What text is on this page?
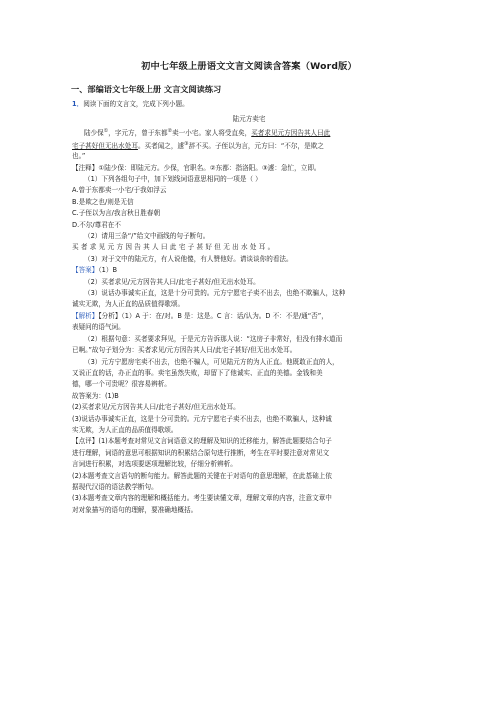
初中七年级上册语文文言文阅读含答案（Word版）
一、部编语文七年级上册 文言文阅读练习
1．阅读下面的文言文，完成下列小题。
陆元方卖宅

陆少保①，字元方，曾于东都②卖一小宅。家人将受直矣，买者求见元方因告其人曰此
宅子甚好但无出水处耳。买者闻之，遽③辞不买。子侄以为言，元方曰：“不尔，是欺之
也。”

【注释】①陆少保：即陆元方。少保，官职名。②东都：指洛阳。③遽：急忙，立即。

（1）下列各组句子中，加下划线词语意思相同的一项是（ ）

A.曾于东都卖一小宅/于我如浮云

B.是欺之也/则是无信

C.子侄以为言/我言秋日胜春朝

D.不尔/尊君在不

（2）请用三条“/”给文中画线的句子断句。

买者求见元方因告其人曰此宅子甚好但无出水处耳。

（3）对于文中的陆元方，有人说他傻，有人赞他好。请谈谈你的看法。

【答案】（1）B

（2）买者求见/元方因告其人曰/此宅子甚好/但无出水处耳。

（3）说话办事诚实正直，这是十分可贵的。元方宁愿宅子卖不出去，也绝不欺骗人，这种

诚实无欺，为人正直的品质值得歌颂。

【解析】【分析】（1）A 于：在/对。B 是：这是。C 言：话/认为。D 不：不是/通“否”，

表疑问的语气词。

（2）根据句意：买者要求拜见，于是元方告诉那人说：“这房子非常好，但没有排水道而

已啊。”故句子划分为：买者求见/元方因告其人曰/此宅子甚好/但无出水处耳。

（3）元方宁愿房宅卖不出去，也绝不骗人，可见陆元方的为人正直。他既敢正直的人，

又说正直的话，办正直的事。卖宅虽然失败，却留下了他诚实、正直的美德。金钱和美

德，哪一个可贵呢？很容易辨析。

故答案为：(1)B

(2)买者求见/元方因告其人曰/此宅子甚好/但无出水处耳。

(3)说话办事诚实正直，这是十分可贵的。元方宁愿宅子卖不出去，也绝不欺骗人，这种诚

实无欺，为人正直的品质值得歌颂。

【点评】(1)本题考查对常见文言词语意义的理解及知识的迁移能力，解答此题要结合句子

进行理解，词语的意思可根据知识的积累结合原句进行推断，考生在平时要注意对常见文

言词进行积累，对选项要逐项理解比较，仔细分析辨析。

(2)本题考查文言语句的断句能力。解答此题的关键在于对语句的意思理解，在此基础上依

据现代汉语的语法教学断句。

(3)本题考查文章内容的理解和概括能力。考生要读懂文章，理解文章的内容，注意文章中

对对象描写的语句的理解，要准确地概括。
